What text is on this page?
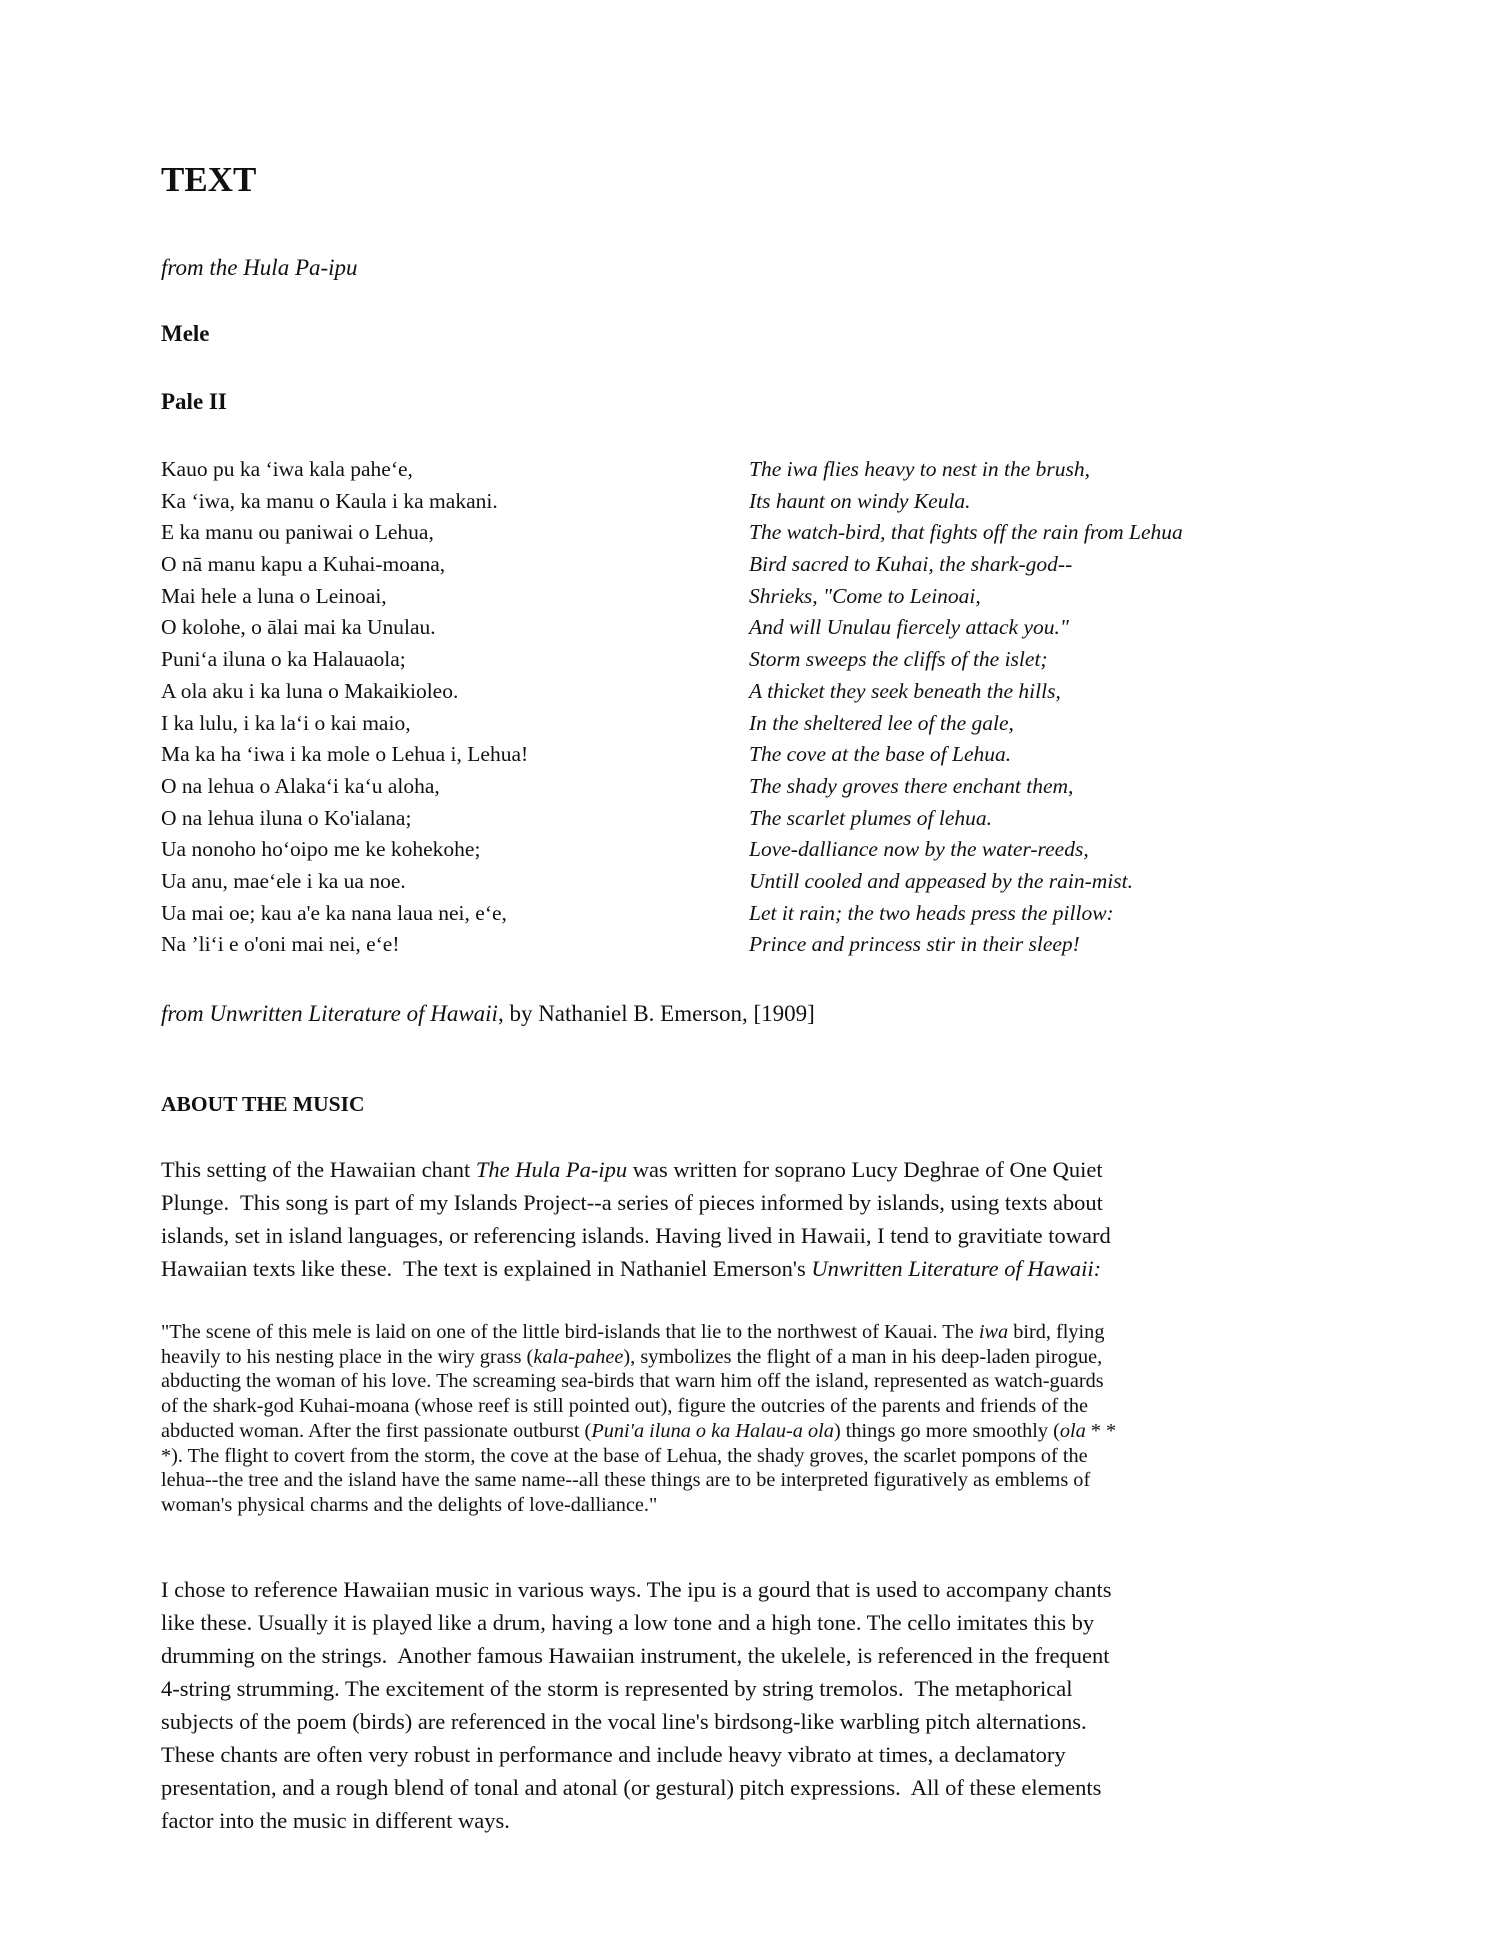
TEXT
from the Hula Pa-ipu
Mele
Pale II
Kauo pu ka ‘iwa kala pahe‘e,
Ka ‘iwa, ka manu o Kaula i ka makani.
E ka manu ou paniwai o Lehua,
O nā manu kapu a Kuhai-moana,
Mai hele a luna o Leinoai,
O kolohe, o ālai mai ka Unulau.
Puni‘a iluna o ka Halauaola;
A ola aku i ka luna o Makaikioleo.
I ka lulu, i ka la‘i o kai maio,
Ma ka ha ‘iwa i ka mole o Lehua i, Lehua!
O na lehua o Alaka‘i ka‘u aloha,
O na lehua iluna o Ko'ialana;
Ua nonoho ho‘oipo me ke kohekohe;
Ua anu, mae‘ele i ka ua noe.
Ua mai oe; kau a'e ka nana laua nei, e‘e,
Na ’li‘i e o'oni mai nei, e‘e!
The iwa flies heavy to nest in the brush,
Its haunt on windy Keula.
The watch-bird, that fights off the rain from Lehua
Bird sacred to Kuhai, the shark-god--
Shrieks, "Come to Leinoai,
And will Unulau fiercely attack you."
Storm sweeps the cliffs of the islet;
A thicket they seek beneath the hills,
In the sheltered lee of the gale,
The cove at the base of Lehua.
The shady groves there enchant them,
The scarlet plumes of lehua.
Love-dalliance now by the water-reeds,
Untill cooled and appeased by the rain-mist.
Let it rain; the two heads press the pillow:
Prince and princess stir in their sleep!
from Unwritten Literature of Hawaii, by Nathaniel B. Emerson, [1909]
ABOUT THE MUSIC
This setting of the Hawaiian chant The Hula Pa-ipu was written for soprano Lucy Deghrae of One Quiet
Plunge.  This song is part of my Islands Project--a series of pieces informed by islands, using texts about
islands, set in island languages, or referencing islands. Having lived in Hawaii, I tend to gravitiate toward
Hawaiian texts like these.  The text is explained in Nathaniel Emerson's Unwritten Literature of Hawaii:
"The scene of this mele is laid on one of the little bird-islands that lie to the northwest of Kauai. The iwa bird, flying
heavily to his nesting place in the wiry grass (kala-pahee), symbolizes the flight of a man in his deep-laden pirogue,
abducting the woman of his love. The screaming sea-birds that warn him off the island, represented as watch-guards
of the shark-god Kuhai-moana (whose reef is still pointed out), figure the outcries of the parents and friends of the
abducted woman. After the first passionate outburst (Puni'a iluna o ka Halau-a ola) things go more smoothly (ola * *
*). The flight to covert from the storm, the cove at the base of Lehua, the shady groves, the scarlet pompons of the
lehua--the tree and the island have the same name--all these things are to be interpreted figuratively as emblems of
woman's physical charms and the delights of love-dalliance."
I chose to reference Hawaiian music in various ways. The ipu is a gourd that is used to accompany chants
like these. Usually it is played like a drum, having a low tone and a high tone. The cello imitates this by
drumming on the strings.  Another famous Hawaiian instrument, the ukelele, is referenced in the frequent
4-string strumming. The excitement of the storm is represented by string tremolos.  The metaphorical
subjects of the poem (birds) are referenced in the vocal line's birdsong-like warbling pitch alternations.
These chants are often very robust in performance and include heavy vibrato at times, a declamatory
presentation, and a rough blend of tonal and atonal (or gestural) pitch expressions.  All of these elements
factor into the music in different ways.
